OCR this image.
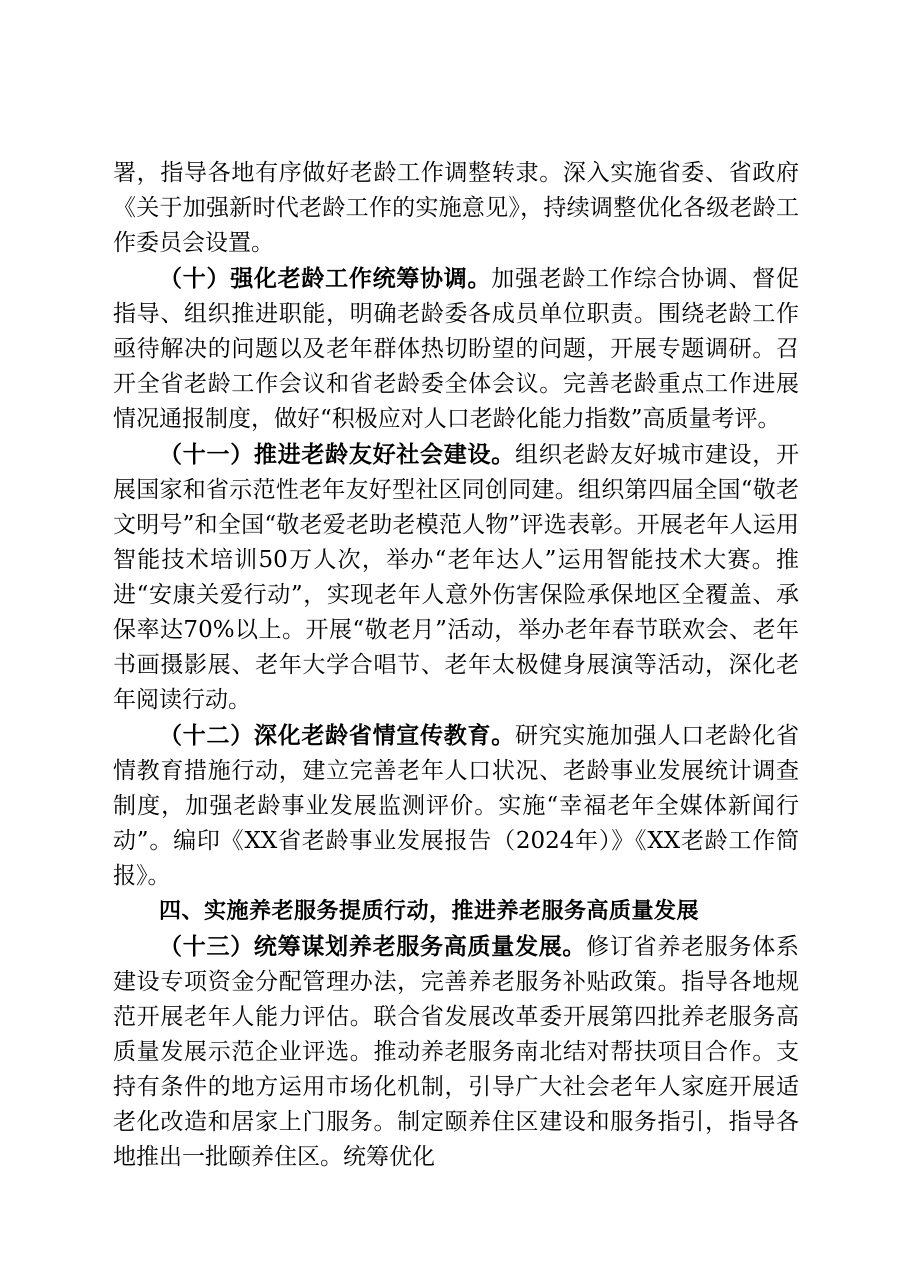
署，指导各地有序做好老龄工作调整转隶。深入实施省委、省政府《关于加强新时代老龄工作的实施意见》，持续调整优化各级老龄工作委员会设置。

（十）强化老龄工作统筹协调。加强老龄工作综合协调、督促指导、组织推进职能，明确老龄委各成员单位职责。围绕老龄工作亟待解决的问题以及老年群体热切盼望的问题，开展专题调研。召开全省老龄工作会议和省老龄委全体会议。完善老龄重点工作进展情况通报制度，做好“积极应对人口老龄化能力指数”高质量考评。

（十一）推进老龄友好社会建设。组织老龄友好城市建设，开展国家和省示范性老年友好型社区同创同建。组织第四届全国“敬老文明号”和全国“敬老爱老助老模范人物”评选表彰。开展老年人运用智能技术培训50万人次，举办“老年达人”运用智能技术大赛。推进“安康关爱行动”，实现老年人意外伤害保险承保地区全覆盖、承保率达70%以上。开展“敬老月”活动，举办老年春节联欢会、老年书画摄影展、老年大学合唱节、老年太极健身展演等活动，深化老年阅读行动。

（十二）深化老龄省情宣传教育。研究实施加强人口老龄化省情教育措施行动，建立完善老年人口状况、老龄事业发展统计调查制度，加强老龄事业发展监测评价。实施“幸福老年全媒体新闻行动”。编印《XX省老龄事业发展报告（2024年）》《XX老龄工作简报》。

四、实施养老服务提质行动，推进养老服务高质量发展

（十三）统筹谋划养老服务高质量发展。修订省养老服务体系建设专项资金分配管理办法，完善养老服务补贴政策。指导各地规范开展老年人能力评估。联合省发展改革委开展第四批养老服务高质量发展示范企业评选。推动养老服务南北结对帮扶项目合作。支持有条件的地方运用市场化机制，引导广大社会老年人家庭开展适老化改造和居家上门服务。制定颐养住区建设和服务指引，指导各地推出一批颐养住区。统筹优化
